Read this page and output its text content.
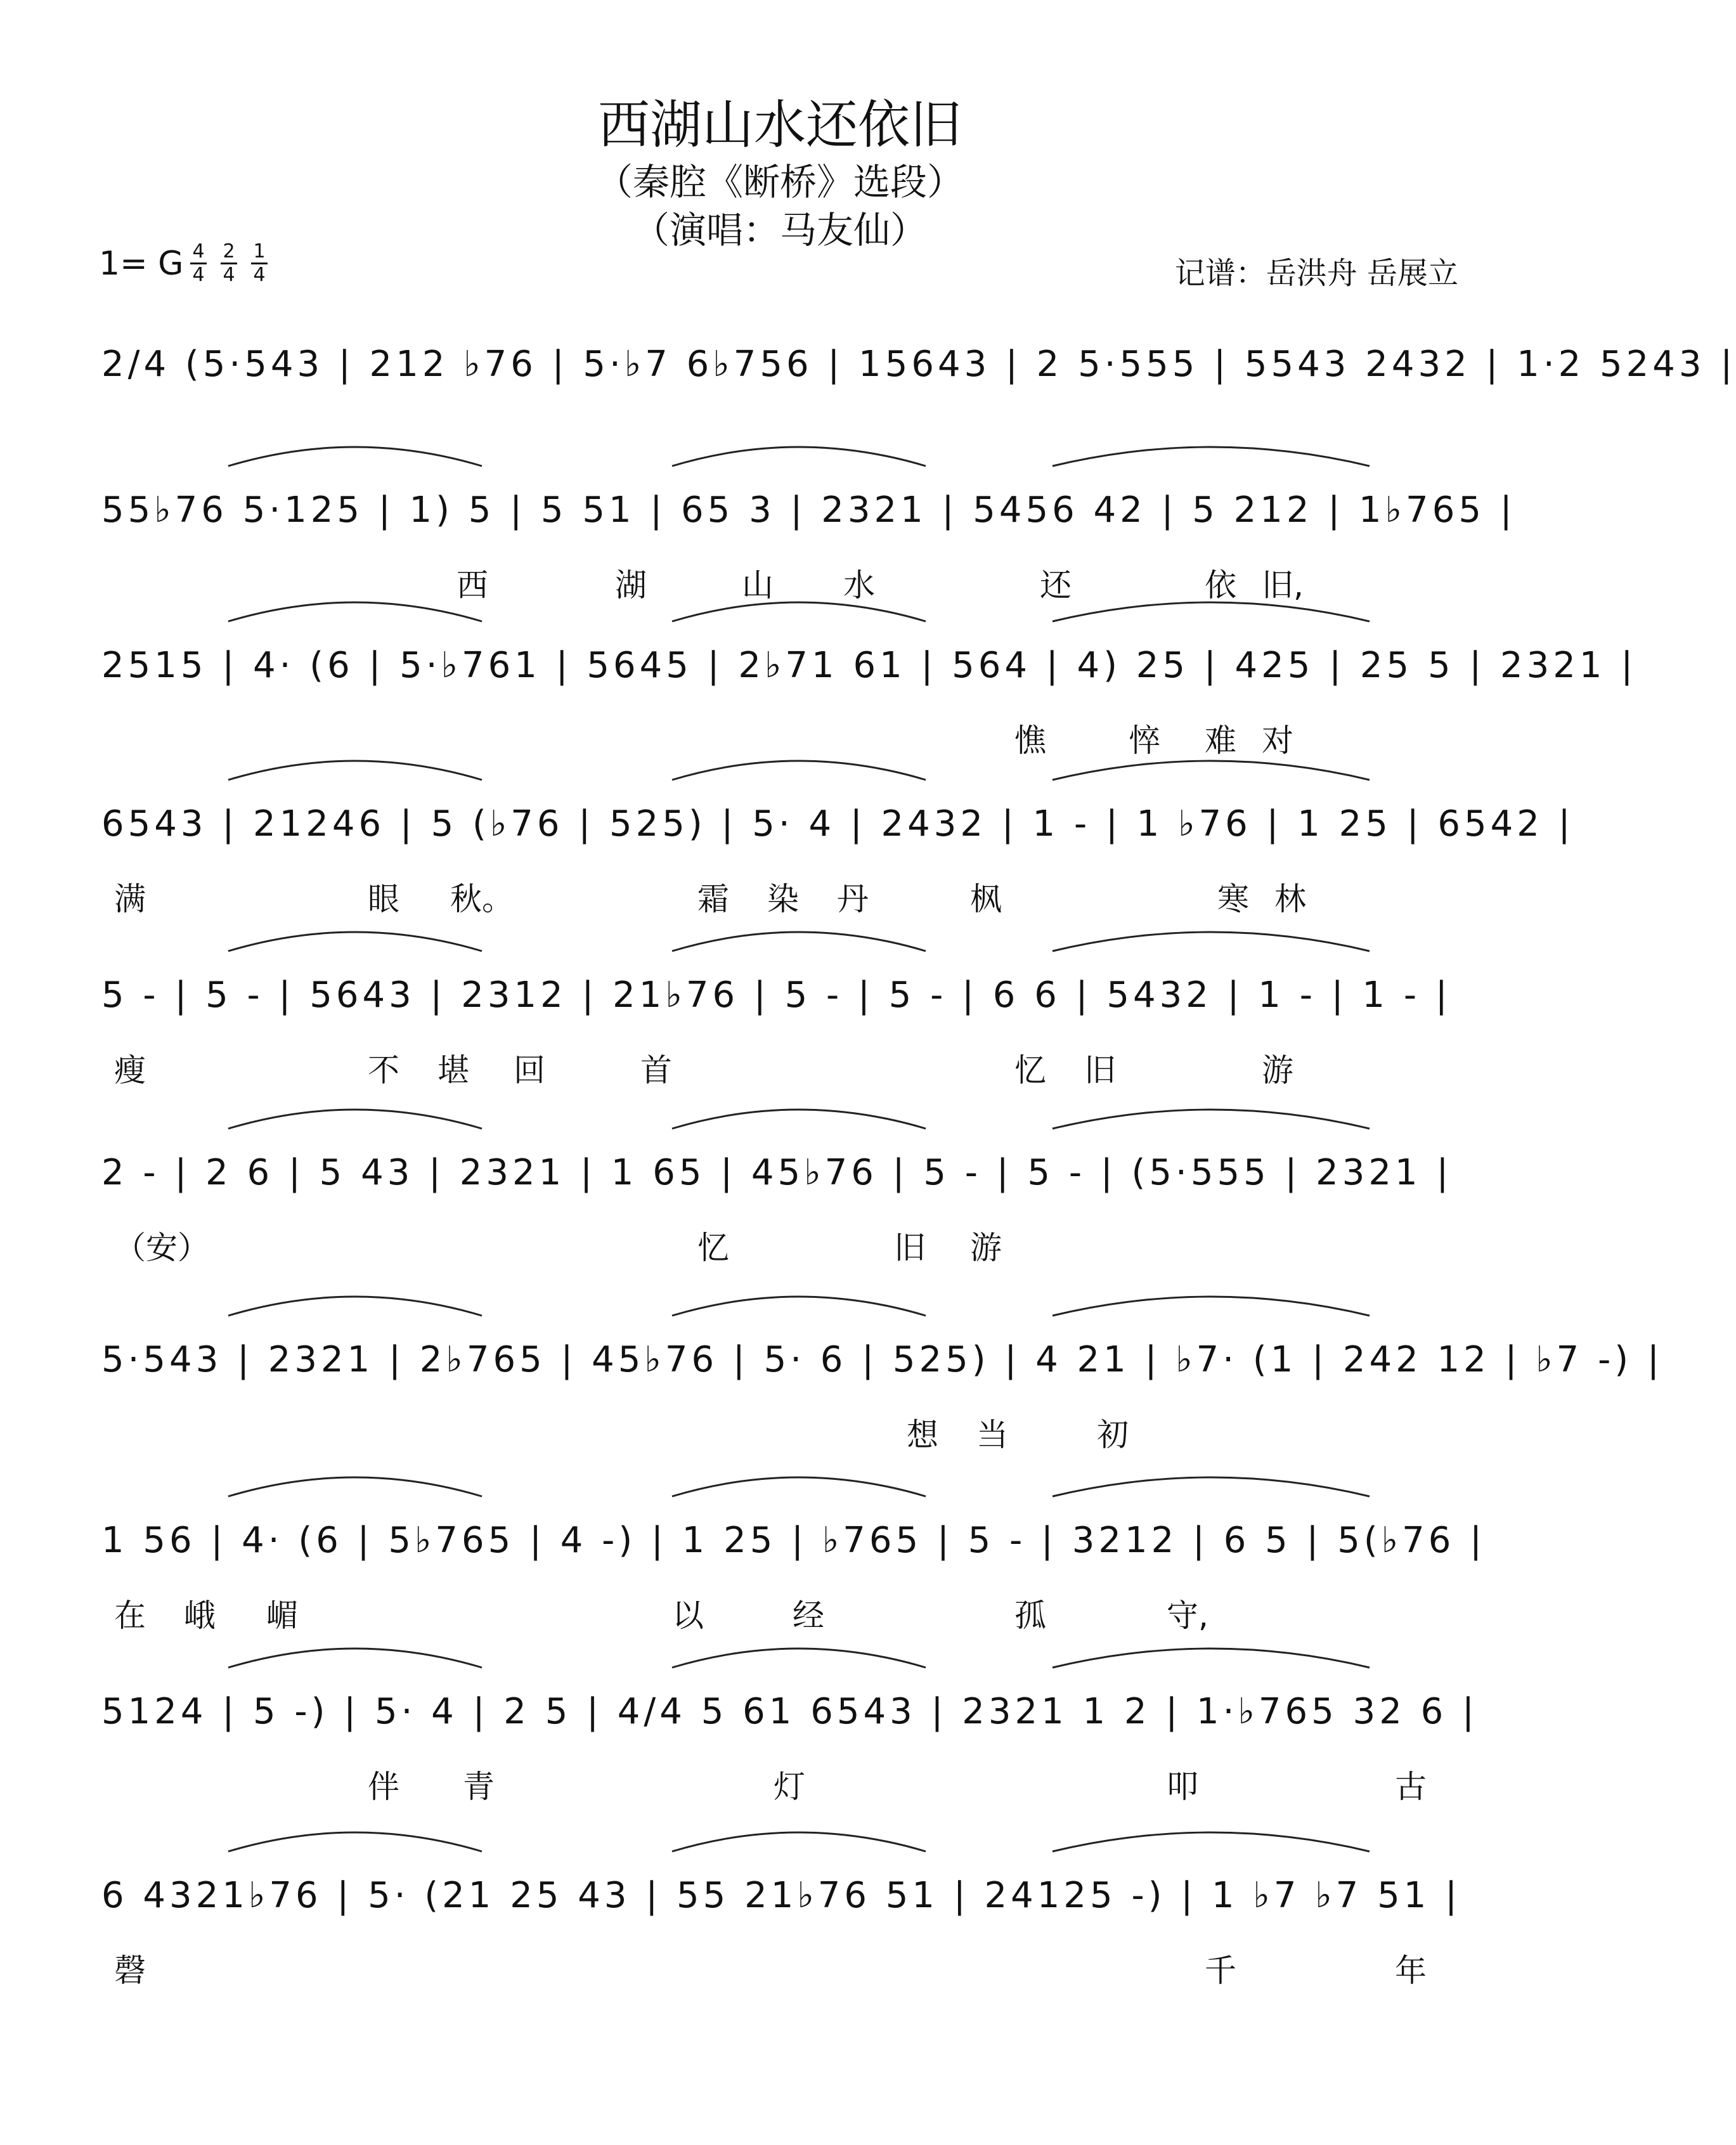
西湖山水还依旧
（秦腔《断桥》选段）
（演唱：马友仙）
1= G $\frac{4}{4} \frac{2}{4} \frac{1}{4}$	记谱：岳洪舟 岳展立
2/4 (5·543 | 212 ♭76 | 5·♭7 6♭756 | 15643 | 2 5·555 | 5543 2432 | 1·2 5243 |
55♭76 5·125 | 1) 5 | 5 51 | 65 3 | 2321 | 5456 42 | 5 212 | 1♭765 |
西	湖	山 水	还	依 旧,
2515 | 4· (6 | 5·♭761 | 5645 | 2♭71 61 | 564 | 4) 25 | 425 | 25 5 | 2321 |
憔	悴 难 对
6543 | 21246 | 5 (♭76 | 525) | 5· 4 | 2432 | 1 - | 1 ♭76 | 1 25 | 6542 |
满	眼 秋。	霜 染 丹	枫	寒 林
5 - | 5 - | 5643 | 2312 | 21♭76 | 5 - | 5 - | 6 6 | 5432 | 1 - | 1 - |
瘦	不 堪 回	首	忆 旧	游
2 - | 2 6 | 5 43 | 2321 | 1 65 | 45♭76 | 5 - | 5 - | (5·555 | 2321 |
（安）	忆	旧 游
5·543 | 2321 | 2♭765 | 45♭76 | 5· 6 | 525) | 4 21 | ♭7· (1 | 242 12 | ♭7 -) |
想 当	初
1 56 | 4· (6 | 5♭765 | 4 -) | 1 25 | ♭765 | 5 - | 3212 | 6 5 | 5(♭76 |
在 峨 嵋	以	经	孤	守,
5124 | 5 -) | 5· 4 | 2 5 | 4/4 5 61 6543 | 2321 1 2 | 1·♭765 32 6 |
伴 青	灯	叩	古
6 4321♭76 | 5· (21 25 43 | 55 21♭76 51 | 24125 -) | 1 ♭7 ♭7 51 |
磬	千	年
